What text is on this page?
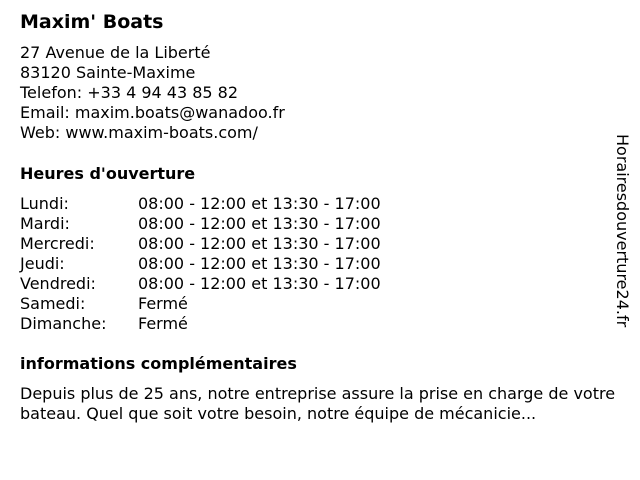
Maxim' Boats
27 Avenue de la Liberté
83120 Sainte-Maxime
Telefon: +33 4 94 43 85 82
Email: maxim.boats@wanadoo.fr
Web: www.maxim-boats.com/
Heures d'ouverture
Lundi:	08:00 - 12:00 et 13:30 - 17:00
Mardi:	08:00 - 12:00 et 13:30 - 17:00
Mercredi:	08:00 - 12:00 et 13:30 - 17:00
Jeudi:	08:00 - 12:00 et 13:30 - 17:00
Vendredi:	08:00 - 12:00 et 13:30 - 17:00
Samedi:	Fermé
Dimanche: Fermé
informations complémentaires
Depuis plus de 25 ans, notre entreprise assure la prise en charge de votre bateau. Quel que soit votre besoin, notre équipe de mécanicie...
Horairesdouverture24.fr
